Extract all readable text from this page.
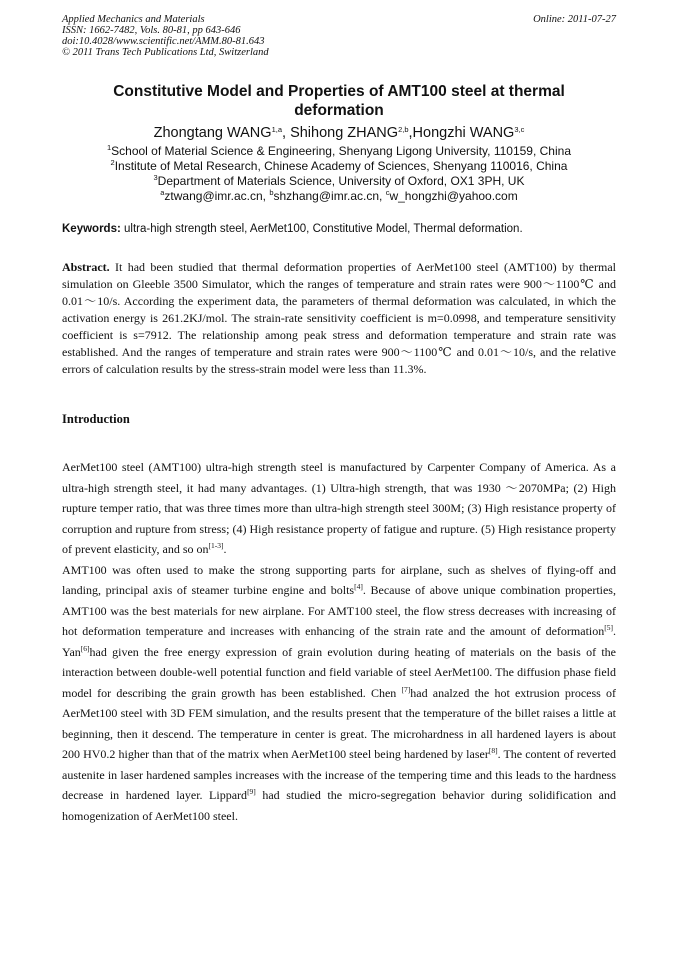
Applied Mechanics and Materials
ISSN: 1662-7482, Vols. 80-81, pp 643-646
doi:10.4028/www.scientific.net/AMM.80-81.643
© 2011 Trans Tech Publications Ltd, Switzerland
Online: 2011-07-27
Constitutive Model and Properties of AMT100 steel at thermal deformation
Zhongtang WANG$^{1,a}$, Shihong ZHANG$^{2,b}$,Hongzhi WANG$^{3,c}$
$^1$School of Material Science & Engineering, Shenyang Ligong University, 110159, China
$^2$Institute of Metal Research, Chinese Academy of Sciences, Shenyang 110016, China
$^3$Department of Materials Science, University of Oxford, OX1 3PH, UK
$^a$ztwang@imr.ac.cn, $^b$shzhang@imr.ac.cn, $^c$w_hongzhi@yahoo.com
Keywords: ultra-high strength steel, AerMet100, Constitutive Model, Thermal deformation.
Abstract. It had been studied that thermal deformation properties of AerMet100 steel (AMT100) by thermal simulation on Gleeble 3500 Simulator, which the ranges of temperature and strain rates were 900～1100℃ and 0.01～10/s. According the experiment data, the parameters of thermal deformation was calculated, in which the activation energy is 261.2KJ/mol. The strain-rate sensitivity coefficient is m=0.0998, and temperature sensitivity coefficient is s=7912. The relationship among peak stress and deformation temperature and strain rate was established. And the ranges of temperature and strain rates were 900～1100℃ and 0.01～10/s, and the relative errors of calculation results by the stress-strain model were less than 11.3%.
Introduction

AerMet100 steel (AMT100) ultra-high strength steel is manufactured by Carpenter Company of America. As a ultra-high strength steel, it had many advantages. (1) Ultra-high strength, that was 1930 ～2070MPa; (2) High rupture temper ratio, that was three times more than ultra-high strength steel 300M; (3) High resistance property of corruption and rupture from stress; (4) High resistance property of fatigue and rupture. (5) High resistance property of prevent elasticity, and so on[1-3].

AMT100 was often used to make the strong supporting parts for airplane, such as shelves of flying-off and landing, principal axis of steamer turbine engine and bolts[4]. Because of above unique combination properties, AMT100 was the best materials for new airplane. For AMT100 steel, the flow stress decreases with increasing of hot deformation temperature and increases with enhancing of the strain rate and the amount of deformation[5]. Yan[6]had given the free energy expression of grain evolution during heating of materials on the basis of the interaction between double-well potential function and field variable of steel AerMet100. The diffusion phase field model for describing the grain growth has been established. Chen [7]had analzed the hot extrusion process of AerMet100 steel with 3D FEM simulation, and the results present that the temperature of the billet raises a little at beginning, then it descend. The temperature in center is great. The microhardness in all hardened layers is about 200 HV0.2 higher than that of the matrix when AerMet100 steel being hardened by laser[8]. The content of reverted austenite in laser hardened samples increases with the increase of the tempering time and this leads to the hardness decrease in hardened layer. Lippard[9] had studied the micro-segregation behavior during solidification and homogenization of AerMet100 steel.
